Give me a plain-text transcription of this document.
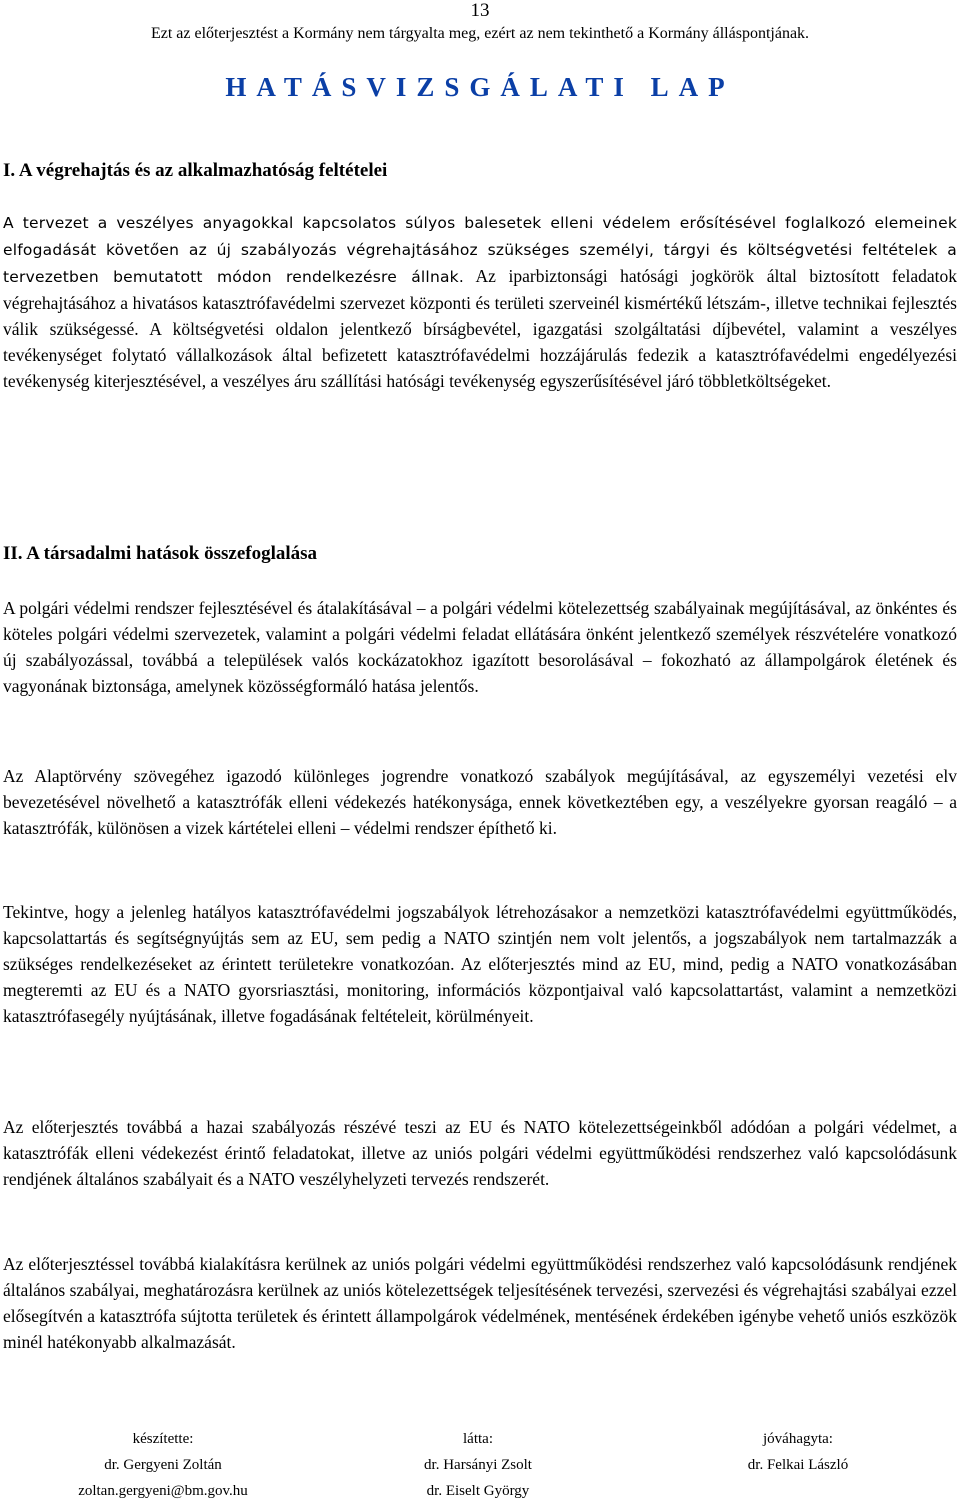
13
Ezt az előterjesztést a Kormány nem tárgyalta meg, ezért az nem tekinthető a Kormány álláspontjának.
HATÁSVIZSGÁLATI LAP
I. A végrehajtás és az alkalmazhatóság feltételei

A tervezet a veszélyes anyagokkal kapcsolatos súlyos balesetek elleni védelem erősítésével foglalkozó elemeinek elfogadását követően az új szabályozás végrehajtásához szükséges személyi, tárgyi és költségvetési feltételek a tervezetben bemutatott módon rendelkezésre állnak. Az iparbiztonsági hatósági jogkörök által biztosított feladatok végrehajtásához a hivatásos katasztrófavédelmi szervezet központi és területi szerveinél kismértékű létszám-, illetve technikai fejlesztés válik szükségessé. A költségvetési oldalon jelentkező bírságbevétel, igazgatási szolgáltatási díjbevétel, valamint a veszélyes tevékenységet folytató vállalkozások által befizetett katasztrófavédelmi hozzájárulás fedezik a katasztrófavédelmi engedélyezési tevékenység kiterjesztésével, a veszélyes áru szállítási hatósági tevékenység egyszerűsítésével járó többletköltségeket.

II. A társadalmi hatások összefoglalása

A polgári védelmi rendszer fejlesztésével és átalakításával – a polgári védelmi kötelezettség szabályainak megújításával, az önkéntes és köteles polgári védelmi szervezetek, valamint a polgári védelmi feladat ellátására önként jelentkező személyek részvételére vonatkozó új szabályozással, továbbá a települések valós kockázatokhoz igazított besorolásával – fokozható az állampolgárok életének és vagyonának biztonsága, amelynek közösségformáló hatása jelentős.

Az Alaptörvény szövegéhez igazodó különleges jogrendre vonatkozó szabályok megújításával, az egyszemélyi vezetési elv bevezetésével növelhető a katasztrófák elleni védekezés hatékonysága, ennek következtében egy, a veszélyekre gyorsan reagáló – a katasztrófák, különösen a vizek kártételei elleni – védelmi rendszer építhető ki.

Tekintve, hogy a jelenleg hatályos katasztrófavédelmi jogszabályok létrehozásakor a nemzetközi katasztrófavédelmi együttműködés, kapcsolattartás és segítségnyújtás sem az EU, sem pedig a NATO szintjén nem volt jelentős, a jogszabályok nem tartalmazzák a szükséges rendelkezéseket az érintett területekre vonatkozóan. Az előterjesztés mind az EU, mind, pedig a NATO vonatkozásában megteremti az EU és a NATO gyorsriasztási, monitoring, információs központjaival való kapcsolattartást, valamint a nemzetközi katasztrófasegély nyújtásának, illetve fogadásának feltételeit, körülményeit.

Az előterjesztés továbbá a hazai szabályozás részévé teszi az EU és NATO kötelezettségeinkből adódóan a polgári védelmet, a katasztrófák elleni védekezést érintő feladatokat, illetve az uniós polgári védelmi együttműködési rendszerhez való kapcsolódásunk rendjének általános szabályait és a NATO veszélyhelyzeti tervezés rendszerét.

Az előterjesztéssel továbbá kialakításra kerülnek az uniós polgári védelmi együttműködési rendszerhez való kapcsolódásunk rendjének általános szabályai, meghatározásra kerülnek az uniós kötelezettségek teljesítésének tervezési, szervezési és végrehajtási szabályai ezzel elősegítvén a katasztrófa sújtotta területek és érintett állampolgárok védelmének, mentésének érdekében igénybe vehető uniós eszközök minél hatékonyabb alkalmazását.

készítette:
dr. Gergyeni Zoltán
zoltan.gergyeni@bm.gov.hu
látta:
dr. Harsányi Zsolt
dr. Eiselt György
jóváhagyta:
dr. Felkai László
